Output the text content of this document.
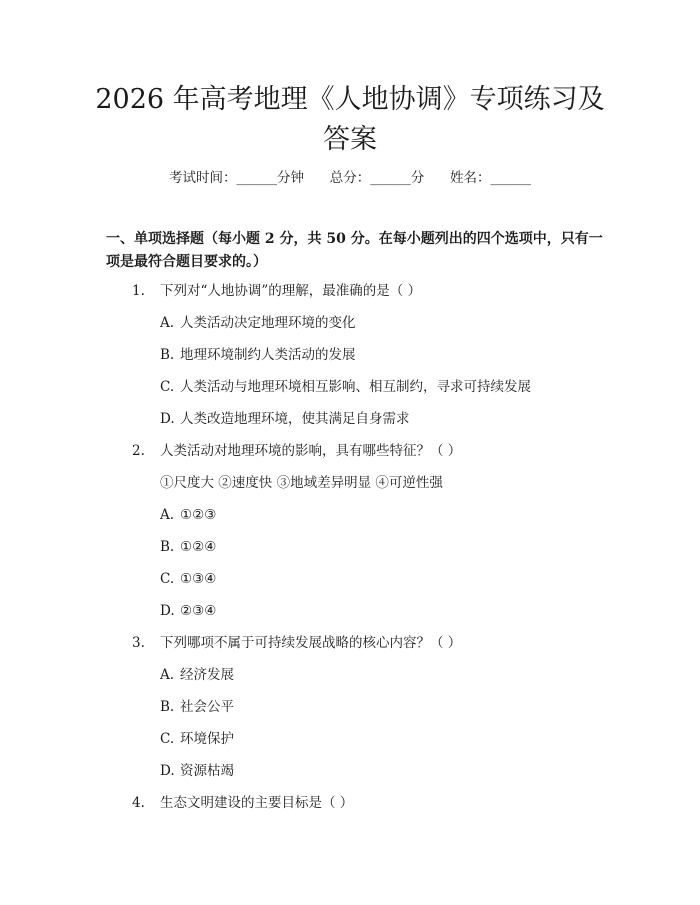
2026 年高考地理《人地协调》专项练习及答案
考试时间：______分钟      总分：______分      姓名：______

一、单项选择题（每小题 2 分，共 50 分。在每小题列出的四个选项中，只有一项是最符合题目要求的。）

1. 下列对“人地协调”的理解，最准确的是（ ）
A. 人类活动决定地理环境的变化
B. 地理环境制约人类活动的发展
C. 人类活动与地理环境相互影响、相互制约，寻求可持续发展
D. 人类改造地理环境，使其满足自身需求
2. 人类活动对地理环境的影响，具有哪些特征？（ ）
①尺度大 ②速度快 ③地域差异明显 ④可逆性强
A. ①②③
B. ①②④
C. ①③④
D. ②③④
3. 下列哪项不属于可持续发展战略的核心内容？（ ）
A. 经济发展
B. 社会公平
C. 环境保护
D. 资源枯竭
4. 生态文明建设的主要目标是（ ）
